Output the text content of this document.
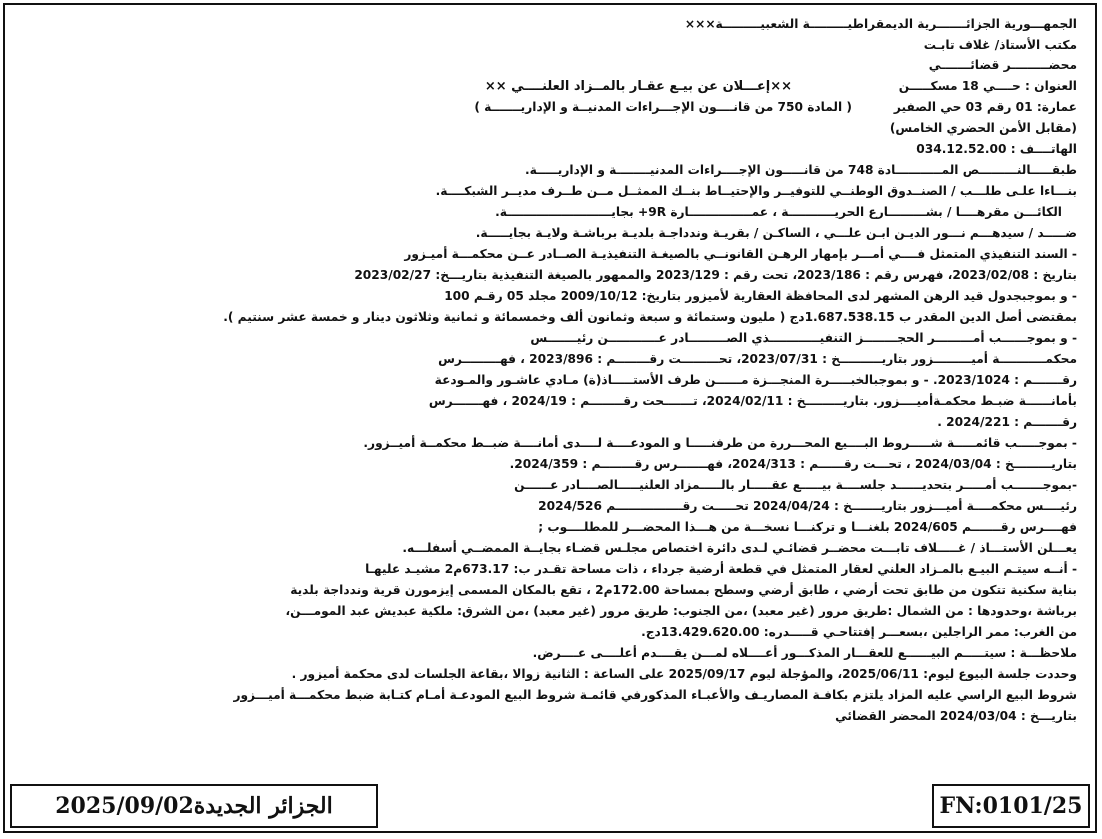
الجمهـــورية الجزائـــــــرية الديمقراطيـــــــــة الشعبيـــــــــة×××
مكتب الأستاذ/ غلاف تابـت
محضـــــــــر قضائـــــــي
العنوان : حــــي 18 مسكـــــن
××إعـــلان عن بيـع عقـار بالمــزاد العلنــــي ××
عمارة: 01 رقم 03 حي الصفير
( المادة 750 من قانــــون الإجـــراءات المدنيــة و الإداريـــــــة )
(مقابل الأمن الحضري الخامس)
الهاتــــف : 034.12.52.00
طبقـــــالنـــــــــص المـــــــــــادة 748 من قانـــــون الإجــــراءات المدنيــــــــة و الإداريـــــة.
بنـــاءا علـى طلـــب / الصنــدوق الوطنــي للتوفيــر والإحتيــاط بنــك الممثــل مــن طــرف مديــر الشبكــــة.
الكائـــن مقرهــــا / بشـــــــــارع الحريـــــــــــة ، عمـــــــــــــــارة 9R+ بجايـــــــــــــــــــــــــة.
ضـــــد / سيدهـــم نـــور الديـن ابـن علـــي ، الساكـن / بقريـة وندداجـة بلديـة برباشـة ولايـة بجايـــــة.
- السند التنفيذي المتمثل فــــي أمـــر بإمهار الرهـن القانونــي بالصيغـة التنفيذيـة الصــادر عــن محكمـــة أميـزور
بتاريخ : 2023/02/08، فهرس رقم : 2023/186، تحت رقم : 2023/129 والممهور بالصيغة التنفيذية بتاريـــخ: 2023/02/27
- و بموجبجدول قيد الرهن المشهر لدى المحافظة العقارية لأميزور بتاريخ: 2009/10/12 مجلد 05 رقـم 100
بمقتضى أصل الدين المقدر ب 1.687.538.15دج ( مليون وستمائة و سبعة وثمانون ألف وخمسمائة و ثمانية وثلاثون دينار و خمسة عشر سنتيم ).
- و بموجــــــب أمـــــــــر الحجــــــــز التنفيــــــــــــذي الصـــــــــادر عــــــــــــن رئيـــــــس
محكمـــــــــــة أميـــــــــزور بتاريــــــــــخ : 2023/07/31، تحـــــــــت رقــــــــم : 2023/896 ، فهـــــــــرس
رقـــــــم : 2023/1024. - و بموجبالخبـــــرة المنجـــزة مــــــن طرف الأستـــــاذ(ة) مـادي عاشـور والمـودعة
بأمانــــــة ضبـط محكمـةأميــــزور. بتاريـــــــــخ : 2024/02/11، تـــــــحت رقــــــــم : 2024/19 ، فهـــــــرس
رقـــــــم : 2024/221 .
- بموجـــــب قائمـــــة شـــــروط البــــيع المحـــررة من طرفنـــــا و المودعــــة لــــدى أمانــــة ضبــط محكمــة أميــزور.
بتاريـــــــــخ : 2024/03/04 ، تحـــت رقــــــم : 2024/313، فهـــــــرس رقــــــــم : 2024/359.
-بموجـــــــب أمـــــر بتحديــــــد جلســــة بيـــــع عقـــــار بالـــــمزاد العلنيـــــالصــــادر عــــــن
رئيــــس محكمــــة أميـــزور بتاريـــــــخ : 2024/04/24 تحـــــت رقــــــــــــــــم 2024/526
فهــــرس رقـــــــم 2024/605 بلغنـــا و تركنـــا نسخـــة من هـــذا المحضـــر للمطلــــوب ;
يعـــلن الأستـــاذ / غـــــلاف تابـــت محضــر قضائـي لـدى دائرة اختصاص مجلـس قضـاء بجايــة الممضــي أسفلـــه.
- أنــه سيتـم البيـع بالمـزاد العلني لعقار المتمثل في قطعة أرضية جرداء ، ذات مساحة تقـدر ب: 673.17م2 مشيـد عليهـا
بناية سكنية تتكون من طابق تحت أرضي ، طابق أرضي وسطح بمساحة 172.00م2 ، تقع بالمكان المسمى إيزمورن قرية وندداجة بلدية
برباشة ،وحدودها : من الشمال :طريق مرور (غير معبد) ،من الجنوب: طريق مرور (غير معبد) ،من الشرق: ملكية عبديش عبد المومـــن،
من الغرب: ممر الراجلين ،بسعـــر إفتتاحـي قـــــدره: 13.429.620.00دج.
ملاحظـــة : سيتـــــم البيــــــع للعقـــار المذكـــور أعــــلاه لمـــن يقــــدم أعلــــى عــــرض.
وحددت جلسة البيوع ليوم: 2025/06/11، والمؤجلة ليوم 2025/09/17 على الساعة : الثانية زوالا ،بقاعة الجلسات لدى محكمة أميزور .
شروط البيع الراسي عليه المزاد يلتزم بكافـة المصاريـف والأعبـاء المذكورفي قائمـة شروط البيع المودعـة أمـام كتـابة ضبط محكمـــة أميـــزور
بتاريـــخ : 2024/03/04 المحضر القضائي
الجزائر الجديدة2025/09/02	FN:0101/25
